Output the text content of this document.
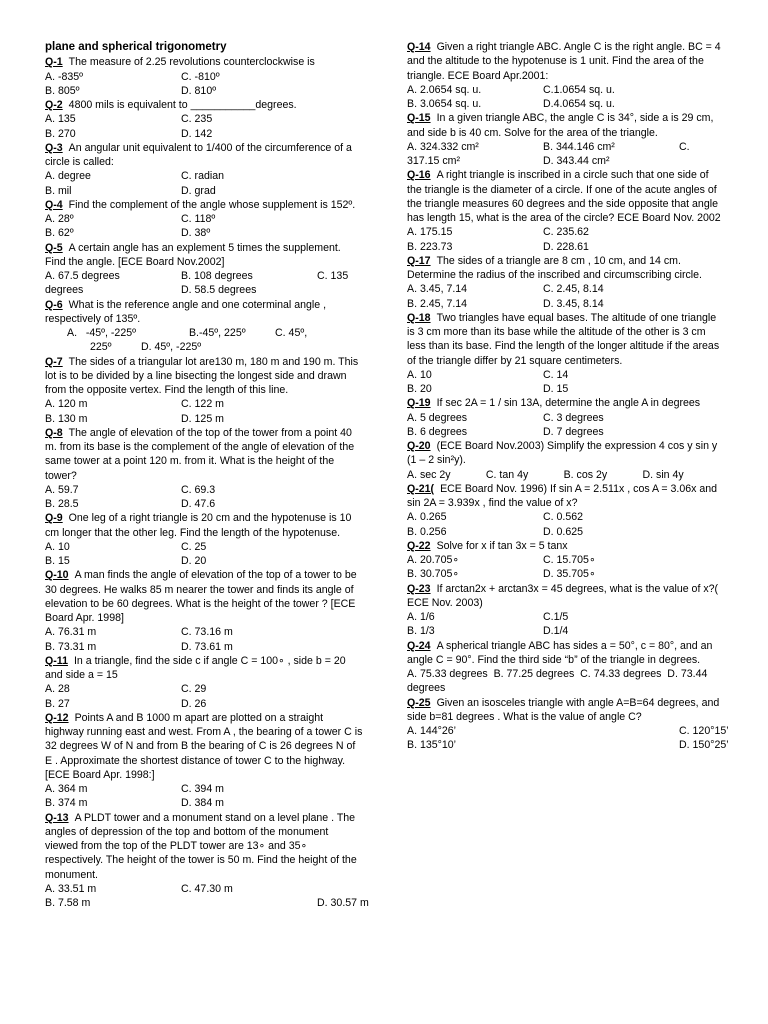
plane and spherical trigonometry
Q-1 The measure of 2.25 revolutions counterclockwise is
A. -835º	C. -810º
B. 805º	D. 810º
Q-2 4800 mils is equivalent to ___________degrees.
A. 135	C. 235
B. 270	D. 142
Q-3 An angular unit equivalent to 1/400 of the circumference of a circle is called:
A. degree	C. radian
B. mil	D. grad
Q-4 Find the complement of the angle whose supplement is 152º.
A. 28º	C. 118º
B. 62º	D. 38º
Q-5 A certain angle has an explement 5 times the supplement. Find the angle. [ECE Board Nov.2002]
A. 67.5 degrees	B. 108 degrees	C. 135
degrees	D. 58.5 degrees
Q-6 What is the reference angle and one coterminal angle , respectively of 135º.
A.   -45º, -225º                  B.-45º, 225º          C. 45º,
225º          D. 45º, -225º
Q-7 The sides of a triangular lot are130 m, 180 m and 190 m. This lot is to be divided by a line bisecting the longest side and drawn from the opposite vertex. Find the length of this line.
A. 120 m	C. 122 m
B. 130 m	D. 125 m
Q-8 The angle of elevation of the top of the tower from a point 40 m. from its base is the complement of the angle of elevation of the same tower at a point 120 m. from it. What is the height of the tower?
A. 59.7	C. 69.3
B. 28.5	D. 47.6
Q-9 One leg of a right triangle is 20 cm and the hypotenuse is 10 cm longer that the other leg. Find the length of the hypotenuse.
A. 10	C. 25
B. 15	D. 20
Q-10 A man finds the angle of elevation of the top of a tower to be 30 degrees. He walks 85 m nearer the tower and finds its angle of elevation to be 60 degrees. What is the height of the tower ? [ECE Board Apr. 1998]
A. 76.31 m	C. 73.16 m
B. 73.31 m	D. 73.61 m
Q-11 In a triangle, find the side c if angle C = 100∘ , side b = 20 and side a = 15
A. 28	C. 29
B. 27	D. 26
Q-12 Points A and B 1000 m apart are plotted on a straight highway running east and west. From A , the bearing of a tower C is 32 degrees W of N and from B the bearing of C is 26 degrees N of E . Approximate the shortest distance of tower C to the highway. [ECE Board Apr. 1998:]
A. 364 m	C. 394 m
B. 374 m	D. 384 m
Q-13 A PLDT tower and a monument stand on a level plane . The angles of depression of the top and bottom of the monument viewed from the top of the PLDT tower are 13∘ and 35∘ respectively. The height of the tower is 50 m. Find the height of the monument.
A. 33.51 m	C. 47.30 m
B. 7.58 m	D. 30.57 m
Q-14 Given a right triangle ABC. Angle C is the right angle. BC = 4 and the altitude to the hypotenuse is 1 unit. Find the area of the triangle. ECE Board Apr.2001:
A. 2.0654 sq. u.	C.1.0654 sq. u.
B. 3.0654 sq. u.	D.4.0654 sq. u.
Q-15 In a given triangle ABC, the angle C is 34°, side a is 29 cm, and side b is 40 cm. Solve for the area of the triangle.
A. 324.332 cm²	B. 344.146 cm²	C.
317.15 cm²	D. 343.44 cm²
Q-16 A right triangle is inscribed in a circle such that one side of the triangle is the diameter of a circle. If one of the acute angles of the triangle measures 60 degrees and the side opposite that angle has length 15, what is the area of the circle? ECE Board Nov. 2002
A. 175.15	C. 235.62
B. 223.73	D. 228.61
Q-17 The sides of a triangle are 8 cm , 10 cm, and 14 cm. Determine the radius of the inscribed and circumscribing circle.
A. 3.45, 7.14	C. 2.45, 8.14
B. 2.45, 7.14	D. 3.45, 8.14
Q-18 Two triangles have equal bases. The altitude of one triangle is 3 cm more than its base while the altitude of the other is 3 cm less than its base. Find the length of the longer altitude if the areas of the triangle differ by 21 square centimeters.
A. 10	C. 14
B. 20	D. 15
Q-19 If sec 2A = 1 / sin 13A, determine the angle A in degrees
A. 5 degrees	C. 3 degrees
B. 6 degrees	D. 7 degrees
Q-20 (ECE Board Nov.2003) Simplify the expression 4 cos y sin y (1 – 2 sin²y).
A. sec 2y            C. tan 4y            B. cos 2y            D. sin 4y
Q-21( ECE Board Nov. 1996) If sin A = 2.511x , cos A = 3.06x and sin 2A = 3.939x , find the value of x?
A. 0.265	C. 0.562
B. 0.256	D. 0.625
Q-22 Solve for x if tan 3x = 5 tanx
A. 20.705∘	C. 15.705∘
B. 30.705∘	D. 35.705∘
Q-23 If arctan2x + arctan3x = 45 degrees, what is the value of x?( ECE Nov. 2003)
A. 1/6	C.1/5
B. 1/3	D.1/4
Q-24 A spherical triangle ABC has sides a = 50°, c = 80°, and an angle C = 90°. Find the third side “b” of the triangle in degrees.
A. 75.33 degrees  B. 77.25 degrees  C. 74.33 degrees  D. 73.44
degrees
Q-25 Given an isosceles triangle with angle A=B=64 degrees, and side b=81 degrees . What is the value of angle C?
A. 144°26’	C. 120°15’
B. 135°10’	D. 150°25’
